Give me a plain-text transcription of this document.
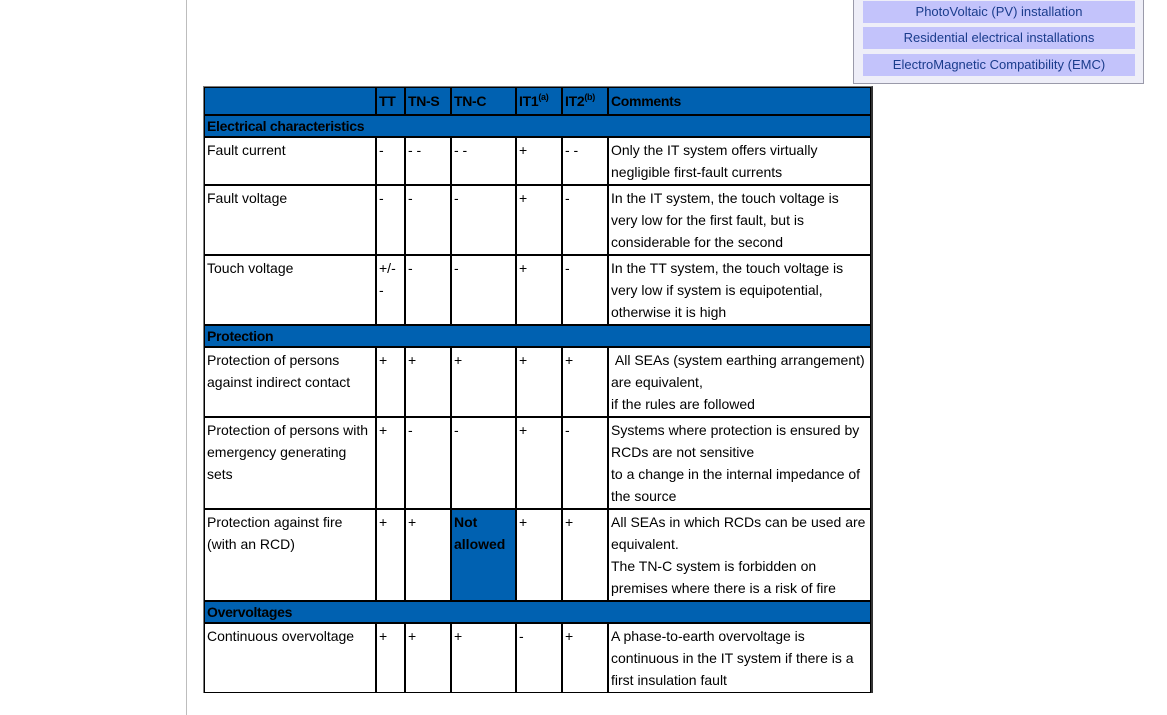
PhotoVoltaic (PV) installation
Residential electrical installations
ElectroMagnetic Compatibility (EMC)
	TT	TN-S	TN-C	IT1$^{(a)}$	IT2$^{(b)}$	Comments
Electrical characteristics						
Fault current	-	- -	- -	+	- -	Only the IT system offers virtually negligible first-fault currents
Fault voltage	-	-	-	+	-	In the IT system, the touch voltage is very low for the first fault, but is considerable for the second
Touch voltage	+/- -	-	-	+	-	In the TT system, the touch voltage is very low if system is equipotential, otherwise it is high
Protection						
Protection of persons against indirect contact	+	+	+	+	+	All SEAs (system earthing arrangement) are equivalent,
if the rules are followed
Protection of persons with emergency generating sets	+	-	-	+	-	Systems where protection is ensured by RCDs are not sensitive
to a change in the internal impedance of the source
Protection against fire (with an RCD)	+	+	Not allowed	+	+	All SEAs in which RCDs can be used are equivalent.
The TN-C system is forbidden on premises where there is a risk of fire
Overvoltages						
Continuous overvoltage	+	+	+	-	+	A phase-to-earth overvoltage is continuous in the IT system if there is a first insulation fault
